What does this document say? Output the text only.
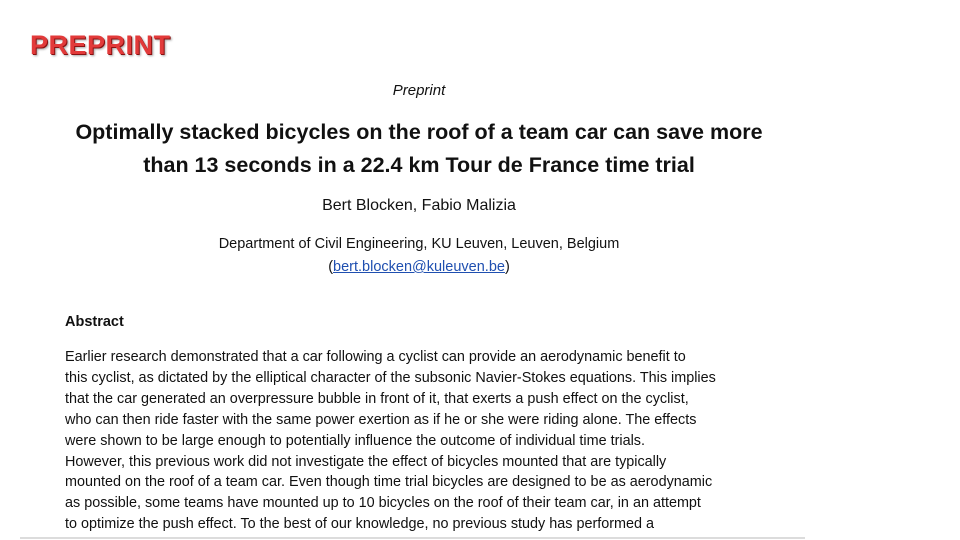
PREPRINT
Preprint
Optimally stacked bicycles on the roof of a team car can save more
than 13 seconds in a 22.4 km Tour de France time trial
Bert Blocken, Fabio Malizia
Department of Civil Engineering, KU Leuven, Leuven, Belgium
(bert.blocken@kuleuven.be)
Abstract

Earlier research demonstrated that a car following a cyclist can provide an aerodynamic benefit to
this cyclist, as dictated by the elliptical character of the subsonic Navier-Stokes equations. This implies
that the car generated an overpressure bubble in front of it, that exerts a push effect on the cyclist,
who can then ride faster with the same power exertion as if he or she were riding alone. The effects
were shown to be large enough to potentially influence the outcome of individual time trials.
However, this previous work did not investigate the effect of bicycles mounted that are typically
mounted on the roof of a team car. Even though time trial bicycles are designed to be as aerodynamic
as possible, some teams have mounted up to 10 bicycles on the roof of their team car, in an attempt
to optimize the push effect. To the best of our knowledge, no previous study has performed a
